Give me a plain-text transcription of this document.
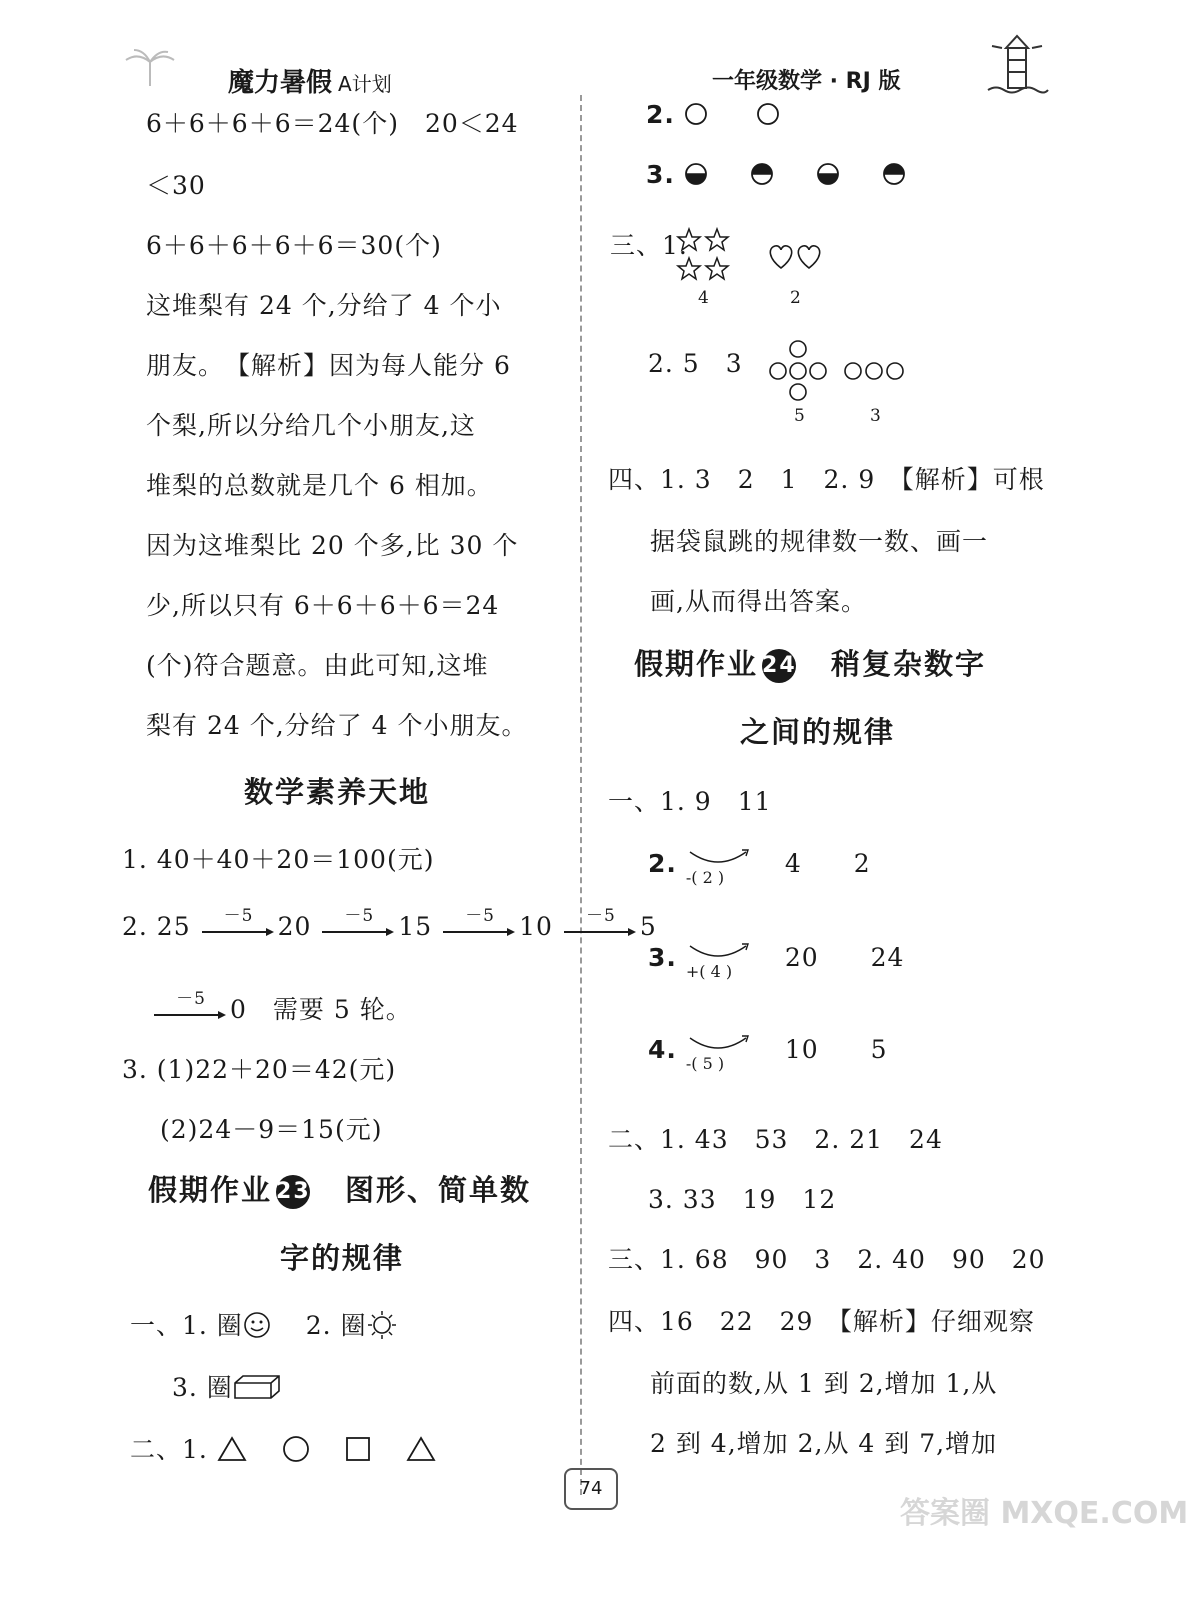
魔力暑假 A计划	一年级数学 · RJ 版
6＋6＋6＋6＝24(个)　20＜24
＜30
6＋6＋6＋6＋6＝30(个)
这堆梨有 24 个,分给了 4 个小
朋友。　【解析】因为每人能分 6
个梨,所以分给几个小朋友,这
堆梨的总数就是几个 6 相加。
因为这堆梨比 20 个多,比 30 个
少,所以只有 6＋6＋6＋6＝24
(个)符合题意。由此可知,这堆
梨有 24 个,分给了 4 个小朋友。
数学素养天地
1. 40＋40＋20＝100(元)
2. 25	－5 20	－5 15	－5 10	－5 5
－5 0　需要 5 轮。
3. (1)22＋20＝42(元)
(2)24－9＝15(元)
假期作业 23　 图形、简单数
字的规律
一、1. 圈 　	2. 圈
3. 圈
二、1. 　 　 　
2.
3.
三、1.
4	2
2. 5　3
5	3
四、1. 3　2　1　2. 9　【解析】可根
据袋鼠跳的规律数一数、画一
画,从而得出答案。
假期作业 24　 稍复杂数字
之间的规律
一、1. 9　11
2. -( 2 ) 4　　2
3. +( 4 ) 20　　24
4. -( 5 ) 10　　5
二、1. 43　53　2. 21　24
3. 33　19　12
三、1. 68　90　3　2. 40　90　20
四、16　22　29　【解析】仔细观察
前面的数,从 1 到 2,增加 1,从
2 到 4,增加 2,从 4 到 7,增加
74
答案圈 MXQE.COM
